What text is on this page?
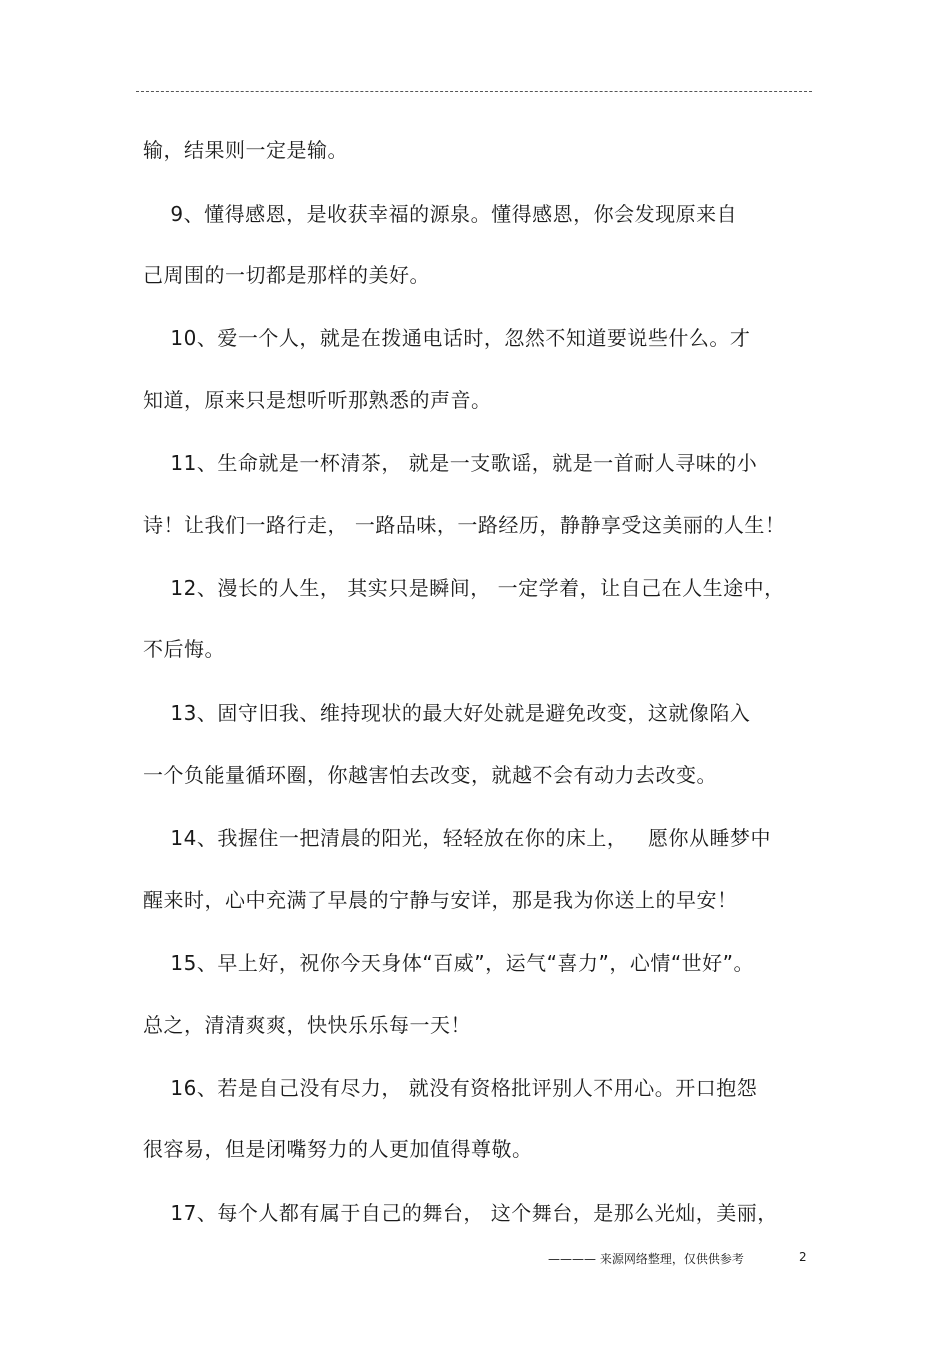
输，结果则一定是输。
9、懂得感恩，是收获幸福的源泉。懂得感恩，你会发现原来自
己周围的一切都是那样的美好。
10、爱一个人，就是在拨通电话时，忽然不知道要说些什么。才
知道，原来只是想听听那熟悉的声音。
11、生命就是一杯清茶， 就是一支歌谣，就是一首耐人寻味的小
诗！让我们一路行走， 一路品味，一路经历，静静享受这美丽的人生！
12、漫长的人生， 其实只是瞬间， 一定学着，让自己在人生途中，
不后悔。
13、固守旧我、维持现状的最大好处就是避免改变，这就像陷入
一个负能量循环圈，你越害怕去改变，就越不会有动力去改变。
14、我握住一把清晨的阳光，轻轻放在你的床上，   愿你从睡梦中
醒来时，心中充满了早晨的宁静与安详，那是我为你送上的早安！
15、早上好，祝你今天身体“百威”，运气“喜力”，心情“世好”。
总之，清清爽爽，快快乐乐每一天！
16、若是自己没有尽力， 就没有资格批评别人不用心。开口抱怨
很容易，但是闭嘴努力的人更加值得尊敬。
17、每个人都有属于自己的舞台， 这个舞台，是那么光灿，美丽，
———— 来源网络整理，仅供供参考	2
